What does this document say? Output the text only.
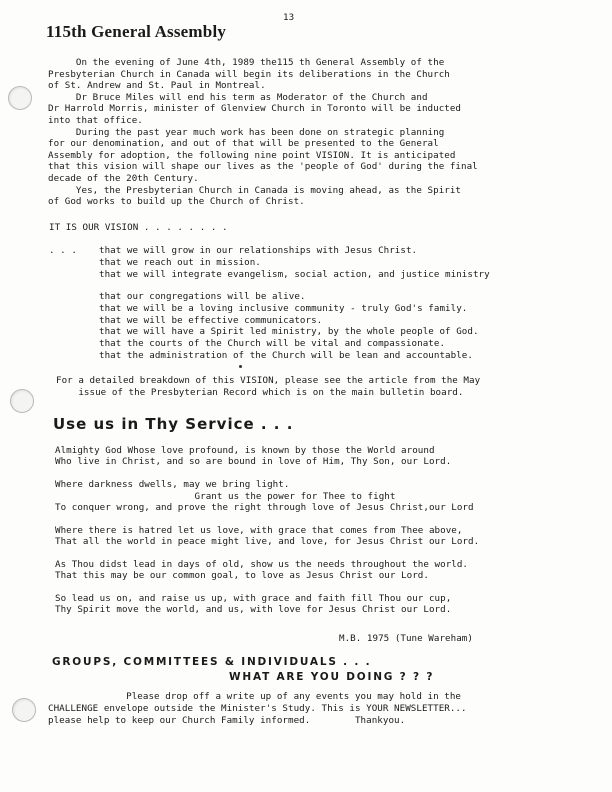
13
115th General Assembly
On the evening of June 4th, 1989 the115 th General Assembly of the
Presbyterian Church in Canada will begin its deliberations in the Church
of St. Andrew and St. Paul in Montreal.
Dr Bruce Miles will end his term as Moderator of the Church and
Dr Harrold Morris, minister of Glenview Church in Toronto will be inducted
into that office.
During the past year much work has been done on strategic planning
for our denomination, and out of that will be presented to the General
Assembly for adoption, the following nine point VISION. It is anticipated
that this vision will shape our lives as the 'people of God' during the final
decade of the 20th Century.
Yes, the Presbyterian Church in Canada is moving ahead, as the Spirit
of God works to build up the Church of Christ.
IT IS OUR VISION . . . . . . . .
. . . that we will grow in our relationships with Jesus Christ.
that we reach out in mission.
that we will integrate evangelism, social action, and justice ministry
that our congregations will be alive.
that we will be a loving inclusive community - truly God's family.
that we will be effective communicators.
that we will have a Spirit led ministry, by the whole people of God.
that the courts of the Church will be vital and compassionate.
that the administration of the Church will be lean and accountable.
For a detailed breakdown of this VISION, please see the article from the May
issue of the Presbyterian Record which is on the main bulletin board.
Use us in Thy Service . . .
Almighty God Whose love profound, is known by those the World around
Who live in Christ, and so are bound in love of Him, Thy Son, our Lord.
Where darkness dwells, may we bring light.
Grant us the power for Thee to fight
To conquer wrong, and prove the right through love of Jesus Christ,our Lord
Where there is hatred let us love, with grace that comes from Thee above,
That all the world in peace might live, and love, for Jesus Christ our Lord.
As Thou didst lead in days of old, show us the needs throughout the world.
That this may be our common goal, to love as Jesus Christ our Lord.
So lead us on, and raise us up, with grace and faith fill Thou our cup,
Thy Spirit move the world, and us, with love for Jesus Christ our Lord.
M.B. 1975 (Tune Wareham)
GROUPS, COMMITTEES & INDIVIDUALS . . .
WHAT ARE YOU DOING ? ? ?
Please drop off a write up of any events you may hold in the
CHALLENGE envelope outside the Minister's Study. This is YOUR NEWSLETTER...
please help to keep our Church Family informed.        Thankyou.
